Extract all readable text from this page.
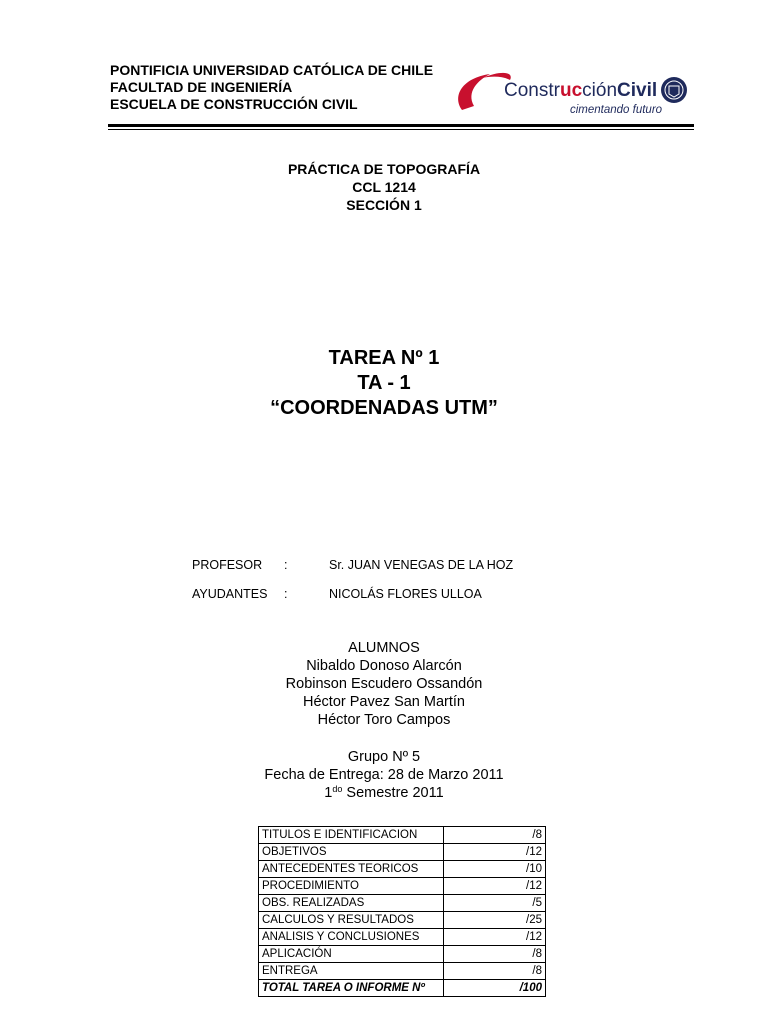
PONTIFICIA UNIVERSIDAD CATÓLICA DE CHILE
FACULTAD DE INGENIERÍA
ESCUELA DE CONSTRUCCIÓN CIVIL
ConstrucciónCivil
cimentando futuro
PRÁCTICA DE TOPOGRAFÍA
CCL 1214
SECCIÓN 1
TAREA Nº 1
TA - 1
“COORDENADAS UTM”
PROFESOR :	Sr. JUAN VENEGAS DE LA HOZ
AYUDANTES :	NICOLÁS FLORES ULLOA
ALUMNOS
Nibaldo Donoso Alarcón
Robinson Escudero Ossandón
Héctor Pavez San Martín
Héctor Toro Campos
Grupo Nº 5
Fecha de Entrega: 28 de Marzo 2011
$1^{do}$ Semestre 2011
TITULOS E IDENTIFICACION	/8
OBJETIVOS	/12
ANTECEDENTES TEORICOS	/10
PROCEDIMIENTO	/12
OBS. REALIZADAS	/5
CALCULOS Y RESULTADOS	/25
ANALISIS Y CONCLUSIONES	/12
APLICACIÓN	/8
ENTREGA	/8
TOTAL TAREA O INFORME Nº	/100
